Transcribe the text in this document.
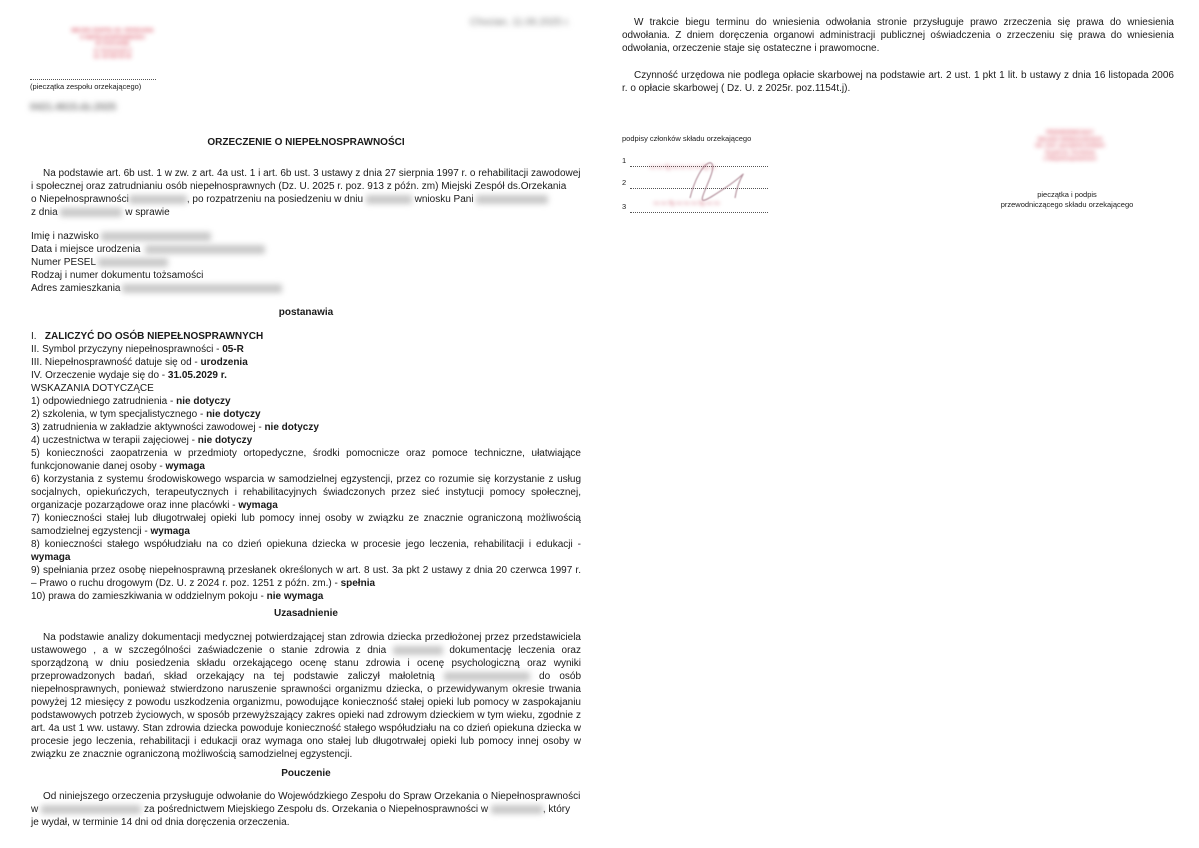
MIEJSKI ZESPÓŁ DS. ORZEKANIA
O NIEPEŁNOSPRAWNOŚCI
W CHOCIANIE
ul. Kościuszki 4
tel. 00 000 00 00
(pieczątka zespołu orzekającego)
Chocian, 11.06.2025 r.
0421.4615.dz.2025
ORZECZENIE O NIEPEŁNOSPRAWNOŚCI
Na podstawie art. 6b ust. 1 w zw. z art. 4a ust. 1 i art. 6b ust. 3 ustawy z dnia 27 sierpnia 1997 r. o rehabilitacji zawodowej
i społecznej oraz zatrudnianiu osób niepełnosprawnych (Dz. U. 2025 r. poz. 913 z późn. zm) Miejski Zespół ds.Orzekania
o Niepełnosprawności	, po rozpatrzeniu na posiedzeniu w dniu	wniosku Pani
z dnia	w sprawie
Imię i nazwisko
Data i miejsce urodzenia
Numer PESEL
Rodzaj i numer dokumentu tożsamości
Adres zamieszkania
postanawia
I. ZALICZYĆ DO OSÓB NIEPEŁNOSPRAWNYCH
II. Symbol przyczyny niepełnosprawności - 05-R
III. Niepełnosprawność datuje się od - urodzenia
IV. Orzeczenie wydaje się do - 31.05.2029 r.
WSKAZANIA DOTYCZĄCE
1) odpowiedniego zatrudnienia - nie dotyczy
2) szkolenia, w tym specjalistycznego - nie dotyczy
3) zatrudnienia w zakładzie aktywności zawodowej - nie dotyczy
4) uczestnictwa w terapii zajęciowej - nie dotyczy
5) konieczności zaopatrzenia w przedmioty ortopedyczne, środki pomocnicze oraz pomoce techniczne, ułatwiające funkcjonowanie danej osoby - wymaga
6) korzystania z systemu środowiskowego wsparcia w samodzielnej egzystencji, przez co rozumie się korzystanie z usług socjalnych, opiekuńczych, terapeutycznych i rehabilitacyjnych świadczonych przez sieć instytucji pomocy społecznej, organizacje pozarządowe oraz inne placówki - wymaga
7) konieczności stałej lub długotrwałej opieki lub pomocy innej osoby w związku ze znacznie ograniczoną możliwością samodzielnej egzystencji - wymaga
8) konieczności stałego współudziału na co dzień opiekuna dziecka w procesie jego leczenia, rehabilitacji i edukacji - wymaga
9) spełniania przez osobę niepełnosprawną przesłanek określonych w art. 8 ust. 3a pkt 2 ustawy z dnia 20 czerwca 1997 r. – Prawo o ruchu drogowym (Dz. U. z 2024 r. poz. 1251 z późn. zm.) - spełnia
10) prawa do zamieszkiwania w oddzielnym pokoju - nie wymaga
Uzasadnienie
Na podstawie analizy dokumentacji medycznej potwierdzającej stan zdrowia dziecka przedłożonej przez przedstawiciela ustawowego , a w szczególności zaświadczenie o stanie zdrowia z dnia	dokumentację leczenia oraz sporządzoną w dniu posiedzenia składu orzekającego ocenę stanu zdrowia i ocenę psychologiczną oraz wyniki przeprowadzonych badań, skład orzekający na tej podstawie zaliczył małoletnią	do osób niepełnosprawnych, ponieważ stwierdzono naruszenie sprawności organizmu dziecka, o przewidywanym okresie trwania powyżej 12 miesięcy z powodu uszkodzenia organizmu, powodujące konieczność stałej opieki lub pomocy w zaspokajaniu podstawowych potrzeb życiowych, w sposób przewyższający zakres opieki nad zdrowym dzieckiem w tym wieku, zgodnie z art. 4a ust 1 ww. ustawy. Stan zdrowia dziecka powoduje konieczność stałego współudziału na co dzień opiekuna dziecka w procesie jego leczenia, rehabilitacji i edukacji oraz wymaga ono stałej lub długotrwałej opieki lub pomocy innej osoby w związku ze znacznie ograniczoną możliwością samodzielnej egzystencji.
Pouczenie
Od niniejszego orzeczenia przysługuje odwołanie do Wojewódzkiego Zespołu do Spraw Orzekania o Niepełnosprawności
w	za pośrednictwem Miejskiego Zespołu ds. Orzekania o Niepełnosprawności w	, który
je wydał, w terminie 14 dni od dnia doręczenia orzeczenia.
W trakcie biegu terminu do wniesienia odwołania stronie przysługuje prawo zrzeczenia się prawa do wniesienia odwołania. Z dniem doręczenia organowi administracji publicznej oświadczenia o zrzeczeniu się prawa do wniesienia odwołania, orzeczenie staje się ostateczne i prawomocne.
Czynność urzędowa nie podlega opłacie skarbowej na podstawie art. 2 ust. 1 pkt 1 lit. b ustawy z dnia 16 listopada 2006 r. o opłacie skarbowej ( Dz. U. z 2025r. poz.1154t.j).
podpisy członków składu orzekającego
1
2
3
∼∼∿∼∼∼∼∿∼
∼∼∿∼∼∼∿∼∼
PRZEWODNICZĄCY
SKŁADU ORZEKAJĄCEGO
lek. med. specjalista pediatrii
Zespół ds. Orzekania
o Niepełnosprawności
pieczątka i podpis
przewodniczącego składu orzekającego
